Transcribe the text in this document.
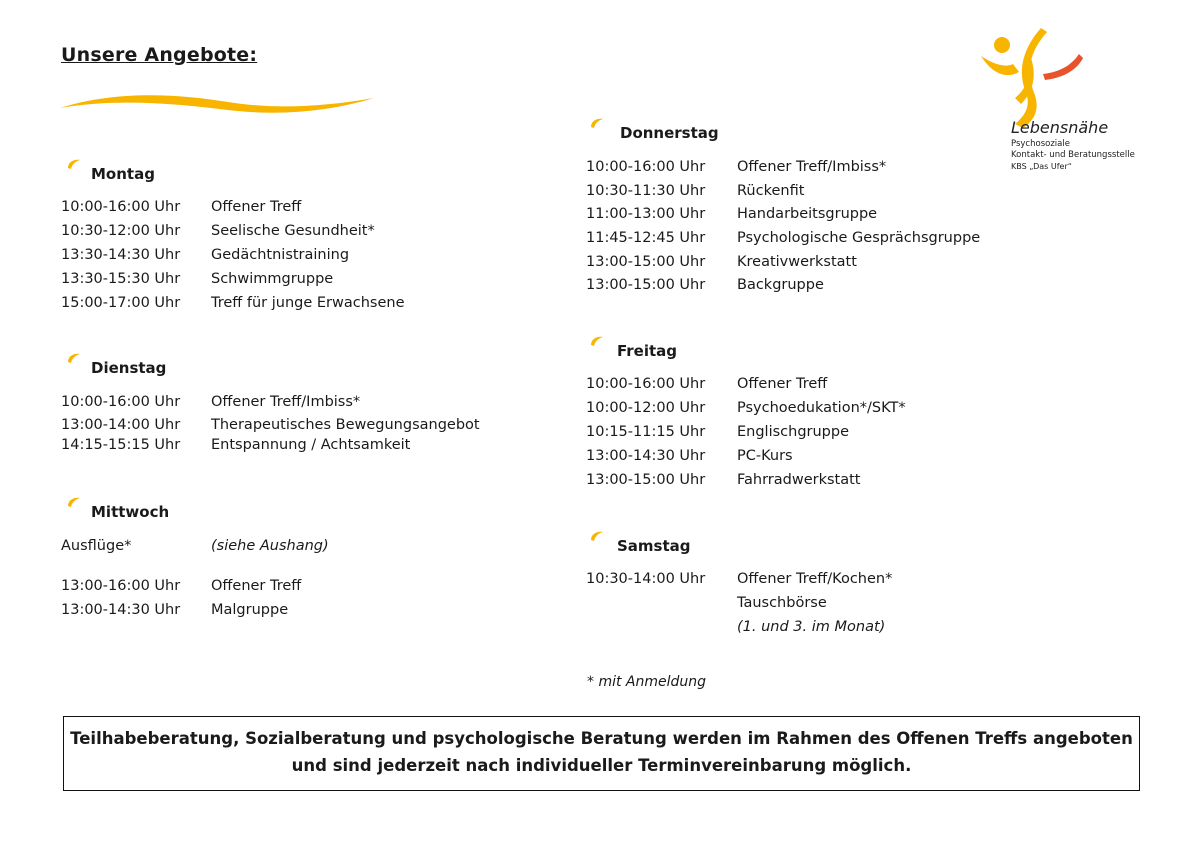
Unsere Angebote:
Lebensnähe
Psychosoziale
Kontakt- und Beratungsstelle
KBS „Das Ufer“
Montag
10:00-16:00 Uhr Offener Treff
10:30-12:00 Uhr Seelische Gesundheit*
13:30-14:30 Uhr Gedächtnistraining
13:30-15:30 Uhr Schwimmgruppe
15:00-17:00 Uhr Treff für junge Erwachsene
Dienstag
10:00-16:00 Uhr Offener Treff/Imbiss*
13:00-14:00 Uhr Therapeutisches Bewegungsangebot
14:15-15:15 Uhr Entspannung / Achtsamkeit
Mittwoch
Ausflüge*	(siehe Aushang)
13:00-16:00 Uhr Offener Treff
13:00-14:30 Uhr Malgruppe
Donnerstag
10:00-16:00 Uhr Offener Treff/Imbiss*
10:30-11:30 Uhr Rückenfit
11:00-13:00 Uhr Handarbeitsgruppe
11:45-12:45 Uhr Psychologische Gesprächsgruppe
13:00-15:00 Uhr Kreativwerkstatt
13:00-15:00 Uhr Backgruppe
Freitag
10:00-16:00 Uhr Offener Treff
10:00-12:00 Uhr Psychoedukation*/SKT*
10:15-11:15 Uhr Englischgruppe
13:00-14:30 Uhr PC-Kurs
13:00-15:00 Uhr Fahrradwerkstatt
Samstag
10:30-14:00 Uhr Offener Treff/Kochen*
Tauschbörse
(1. und 3. im Monat)
* mit Anmeldung
Teilhabeberatung, Sozialberatung und psychologische Beratung werden im Rahmen des Offenen Treffs angeboten
und sind jederzeit nach individueller Terminvereinbarung möglich.
